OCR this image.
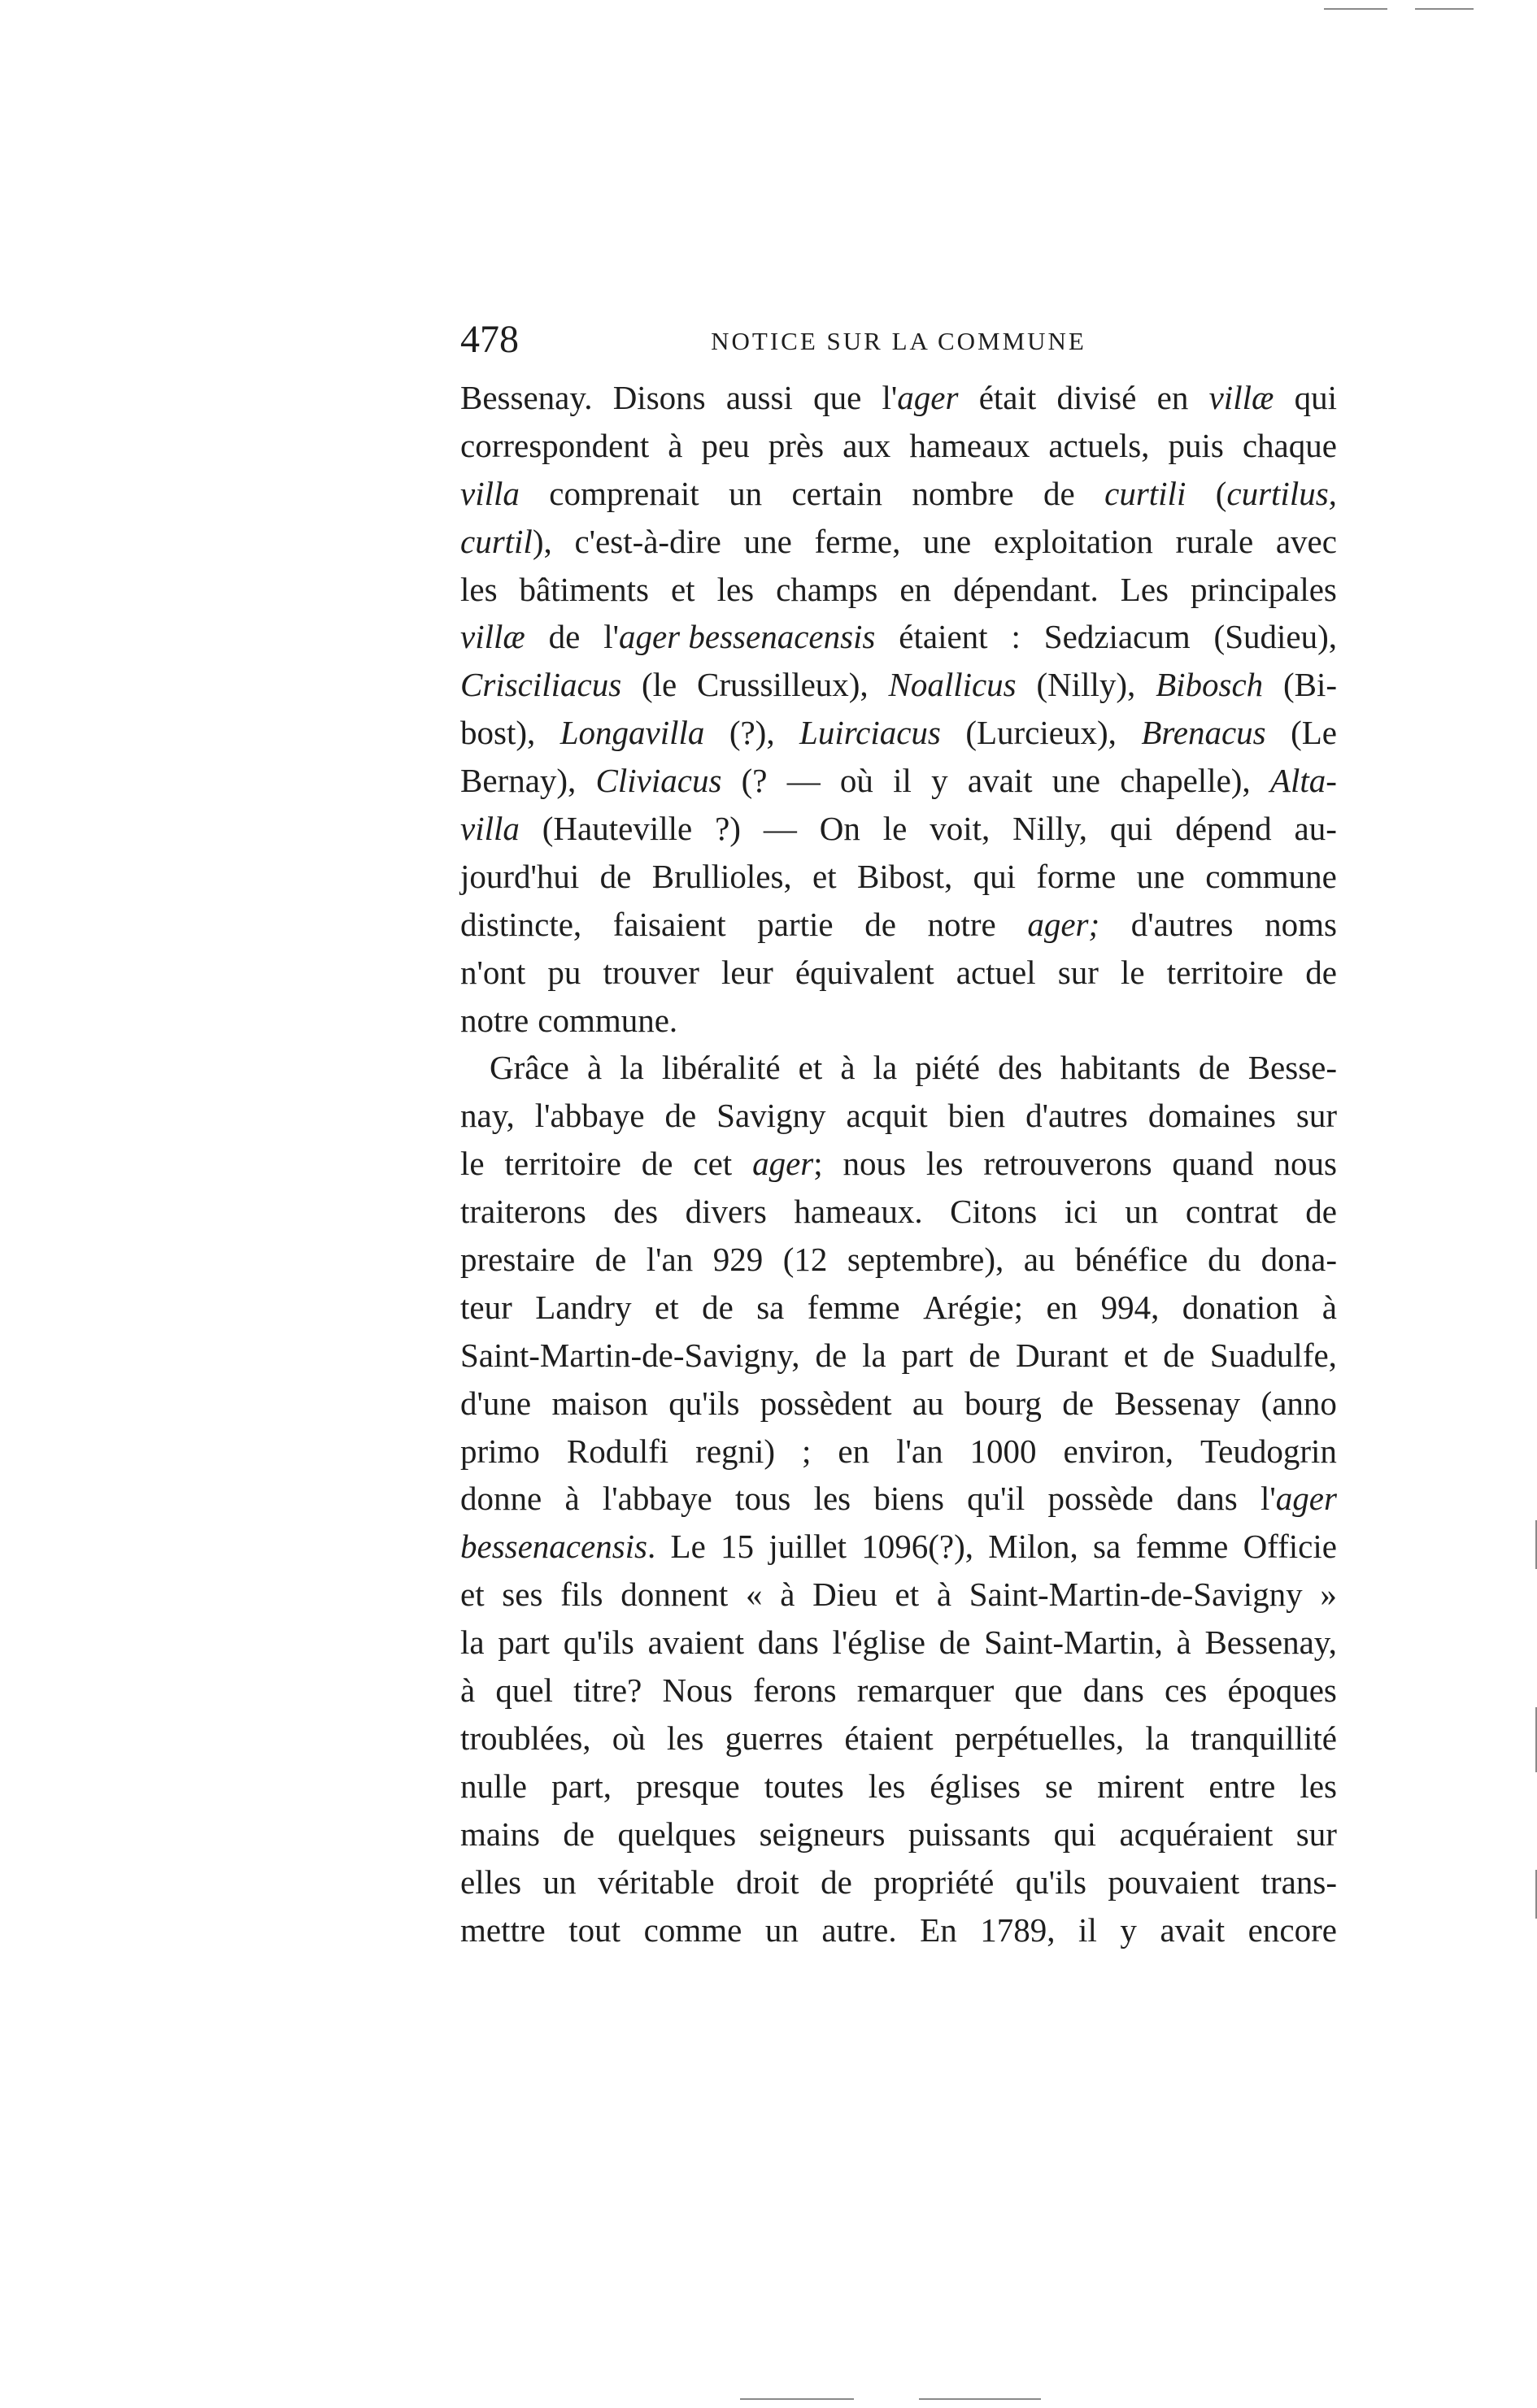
478	NOTICE SUR LA COMMUNE
Bessenay. Disons aussi que l'ager était divisé en villæ qui
correspondent à peu près aux hameaux actuels, puis chaque
villa comprenait un certain nombre de curtili (curtilus,
curtil), c'est-à-dire une ferme, une exploitation rurale avec
les bâtiments et les champs en dépendant. Les principales
villæ de l'ager bessenacensis étaient : Sedziacum (Sudieu),
Crisciliacus (le Crussilleux), Noallicus (Nilly), Bibosch (Bi-
bost), Longavilla (?), Luirciacus (Lurcieux), Brenacus (Le
Bernay), Cliviacus (? — où il y avait une chapelle), Alta-
villa (Hauteville ?) — On le voit, Nilly, qui dépend au-
jourd'hui de Brullioles, et Bibost, qui forme une commune
distincte, faisaient partie de notre ager; d'autres noms
n'ont pu trouver leur équivalent actuel sur le territoire de
notre commune.
Grâce à la libéralité et à la piété des habitants de Besse-
nay, l'abbaye de Savigny acquit bien d'autres domaines sur
le territoire de cet ager; nous les retrouverons quand nous
traiterons des divers hameaux. Citons ici un contrat de
prestaire de l'an 929 (12 septembre), au bénéfice du dona-
teur Landry et de sa femme Arégie; en 994, donation à
Saint-Martin-de-Savigny, de la part de Durant et de Suadulfe,
d'une maison qu'ils possèdent au bourg de Bessenay (anno
primo Rodulfi regni) ; en l'an 1000 environ, Teudogrin
donne à l'abbaye tous les biens qu'il possède dans l'ager
bessenacensis. Le 15 juillet 1096(?), Milon, sa femme Officie
et ses fils donnent « à Dieu et à Saint-Martin-de-Savigny »
la part qu'ils avaient dans l'église de Saint-Martin, à Bessenay,
à quel titre? Nous ferons remarquer que dans ces époques
troublées, où les guerres étaient perpétuelles, la tranquillité
nulle part, presque toutes les églises se mirent entre les
mains de quelques seigneurs puissants qui acquéraient sur
elles un véritable droit de propriété qu'ils pouvaient trans-
mettre tout comme un autre. En 1789, il y avait encore
